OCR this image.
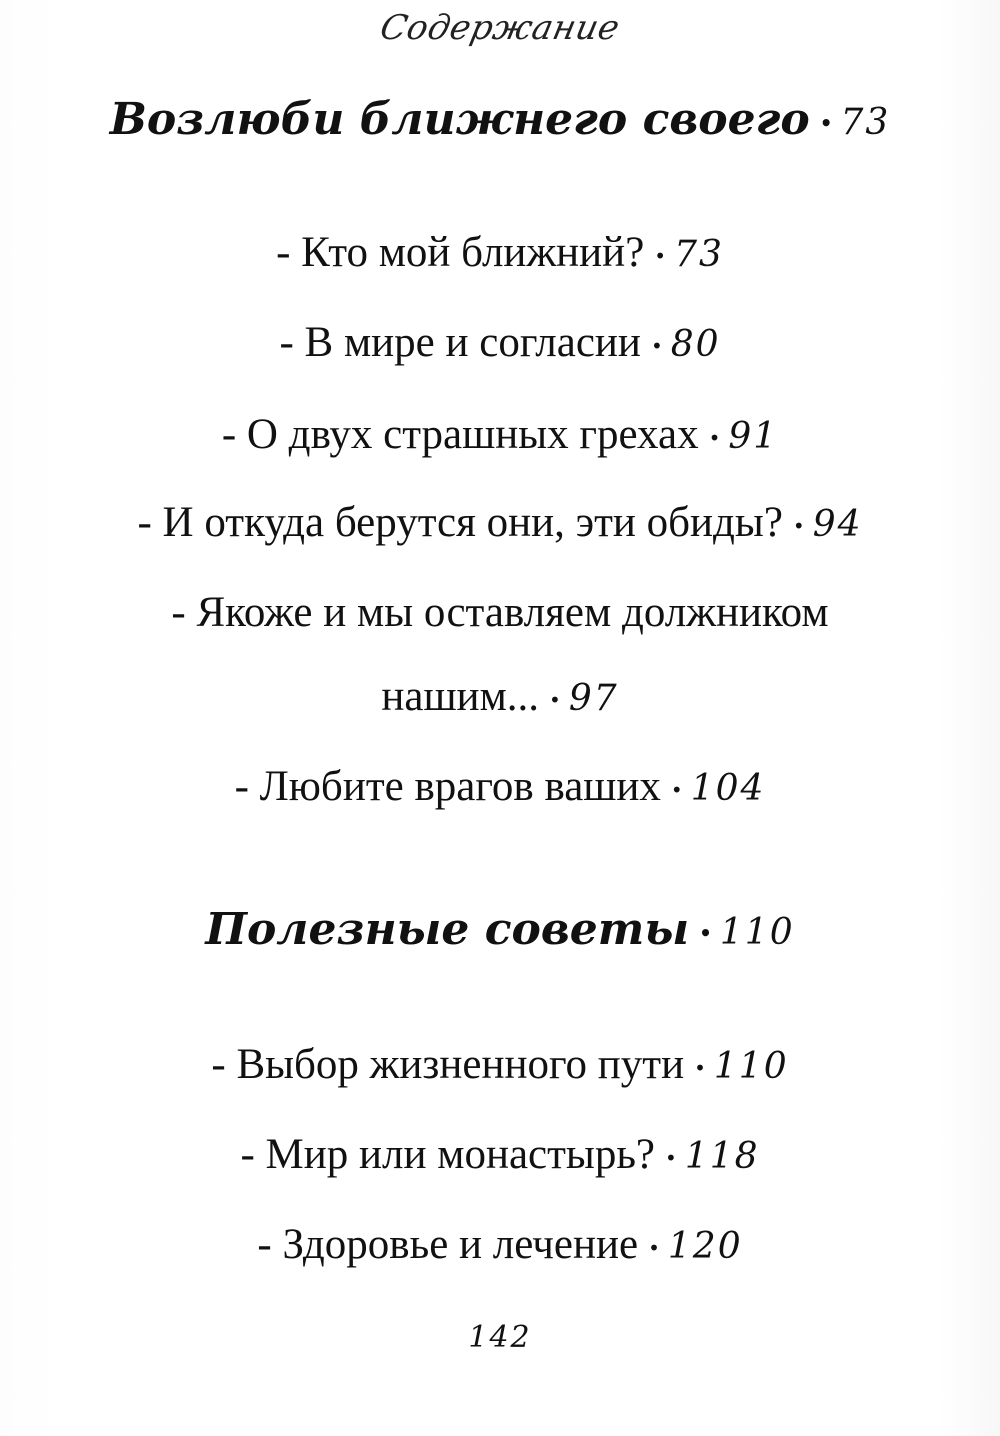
Содержание
Возлюби ближнего своего • 73
- Кто мой ближний? • 73
- В мире и согласии • 80
- О двух страшных грехах • 91
- И откуда берутся они, эти обиды? • 94
- Якоже и мы оставляем должником
нашим... • 97
- Любите врагов ваших • 104
Полезные советы • 110
- Выбор жизненного пути • 110
- Мир или монастырь? • 118
- Здоровье и лечение • 120
142
